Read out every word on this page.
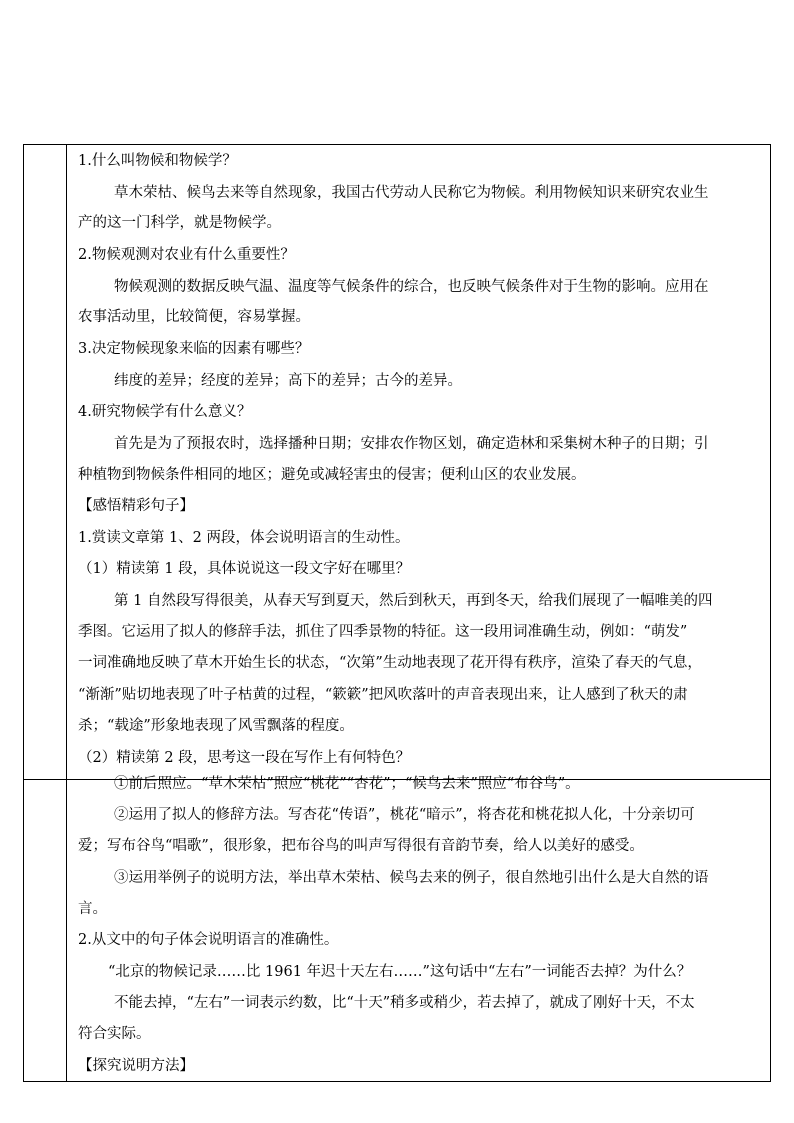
1.什么叫物候和物候学？
草木荣枯、候鸟去来等自然现象，我国古代劳动人民称它为物候。利用物候知识来研究农业生
产的这一门科学，就是物候学。
2.物候观测对农业有什么重要性？
物候观测的数据反映气温、温度等气候条件的综合，也反映气候条件对于生物的影响。应用在
农事活动里，比较简便，容易掌握。
3.决定物候现象来临的因素有哪些？
纬度的差异；经度的差异；高下的差异；古今的差异。
4.研究物候学有什么意义？
首先是为了预报农时，选择播种日期；安排农作物区划，确定造林和采集树木种子的日期；引
种植物到物候条件相同的地区；避免或减轻害虫的侵害；便利山区的农业发展。
【感悟精彩句子】
1.赏读文章第 1、2 两段，体会说明语言的生动性。
（1）精读第 1 段，具体说说这一段文字好在哪里？
第 1 自然段写得很美，从春天写到夏天，然后到秋天，再到冬天，给我们展现了一幅唯美的四
季图。它运用了拟人的修辞手法，抓住了四季景物的特征。这一段用词准确生动，例如：“萌发”
一词准确地反映了草木开始生长的状态，“次第”生动地表现了花开得有秩序，渲染了春天的气息，
“渐渐”贴切地表现了叶子枯黄的过程，“簌簌”把风吹落叶的声音表现出来，让人感到了秋天的肃
杀；“载途”形象地表现了风雪飘落的程度。
（2）精读第 2 段，思考这一段在写作上有何特色？
①前后照应。“草木荣枯”照应“桃花”“杏花”；“候鸟去来”照应“布谷鸟”。
②运用了拟人的修辞方法。写杏花“传语”，桃花“暗示”，将杏花和桃花拟人化，十分亲切可
爱；写布谷鸟“唱歌”，很形象，把布谷鸟的叫声写得很有音韵节奏，给人以美好的感受。
③运用举例子的说明方法，举出草木荣枯、候鸟去来的例子，很自然地引出什么是大自然的语
言。
2.从文中的句子体会说明语言的准确性。
“北京的物候记录……比 1961 年迟十天左右……”这句话中“左右”一词能否去掉？为什么？
不能去掉，“左右”一词表示约数，比“十天”稍多或稍少，若去掉了，就成了刚好十天，不太
符合实际。
【探究说明方法】
